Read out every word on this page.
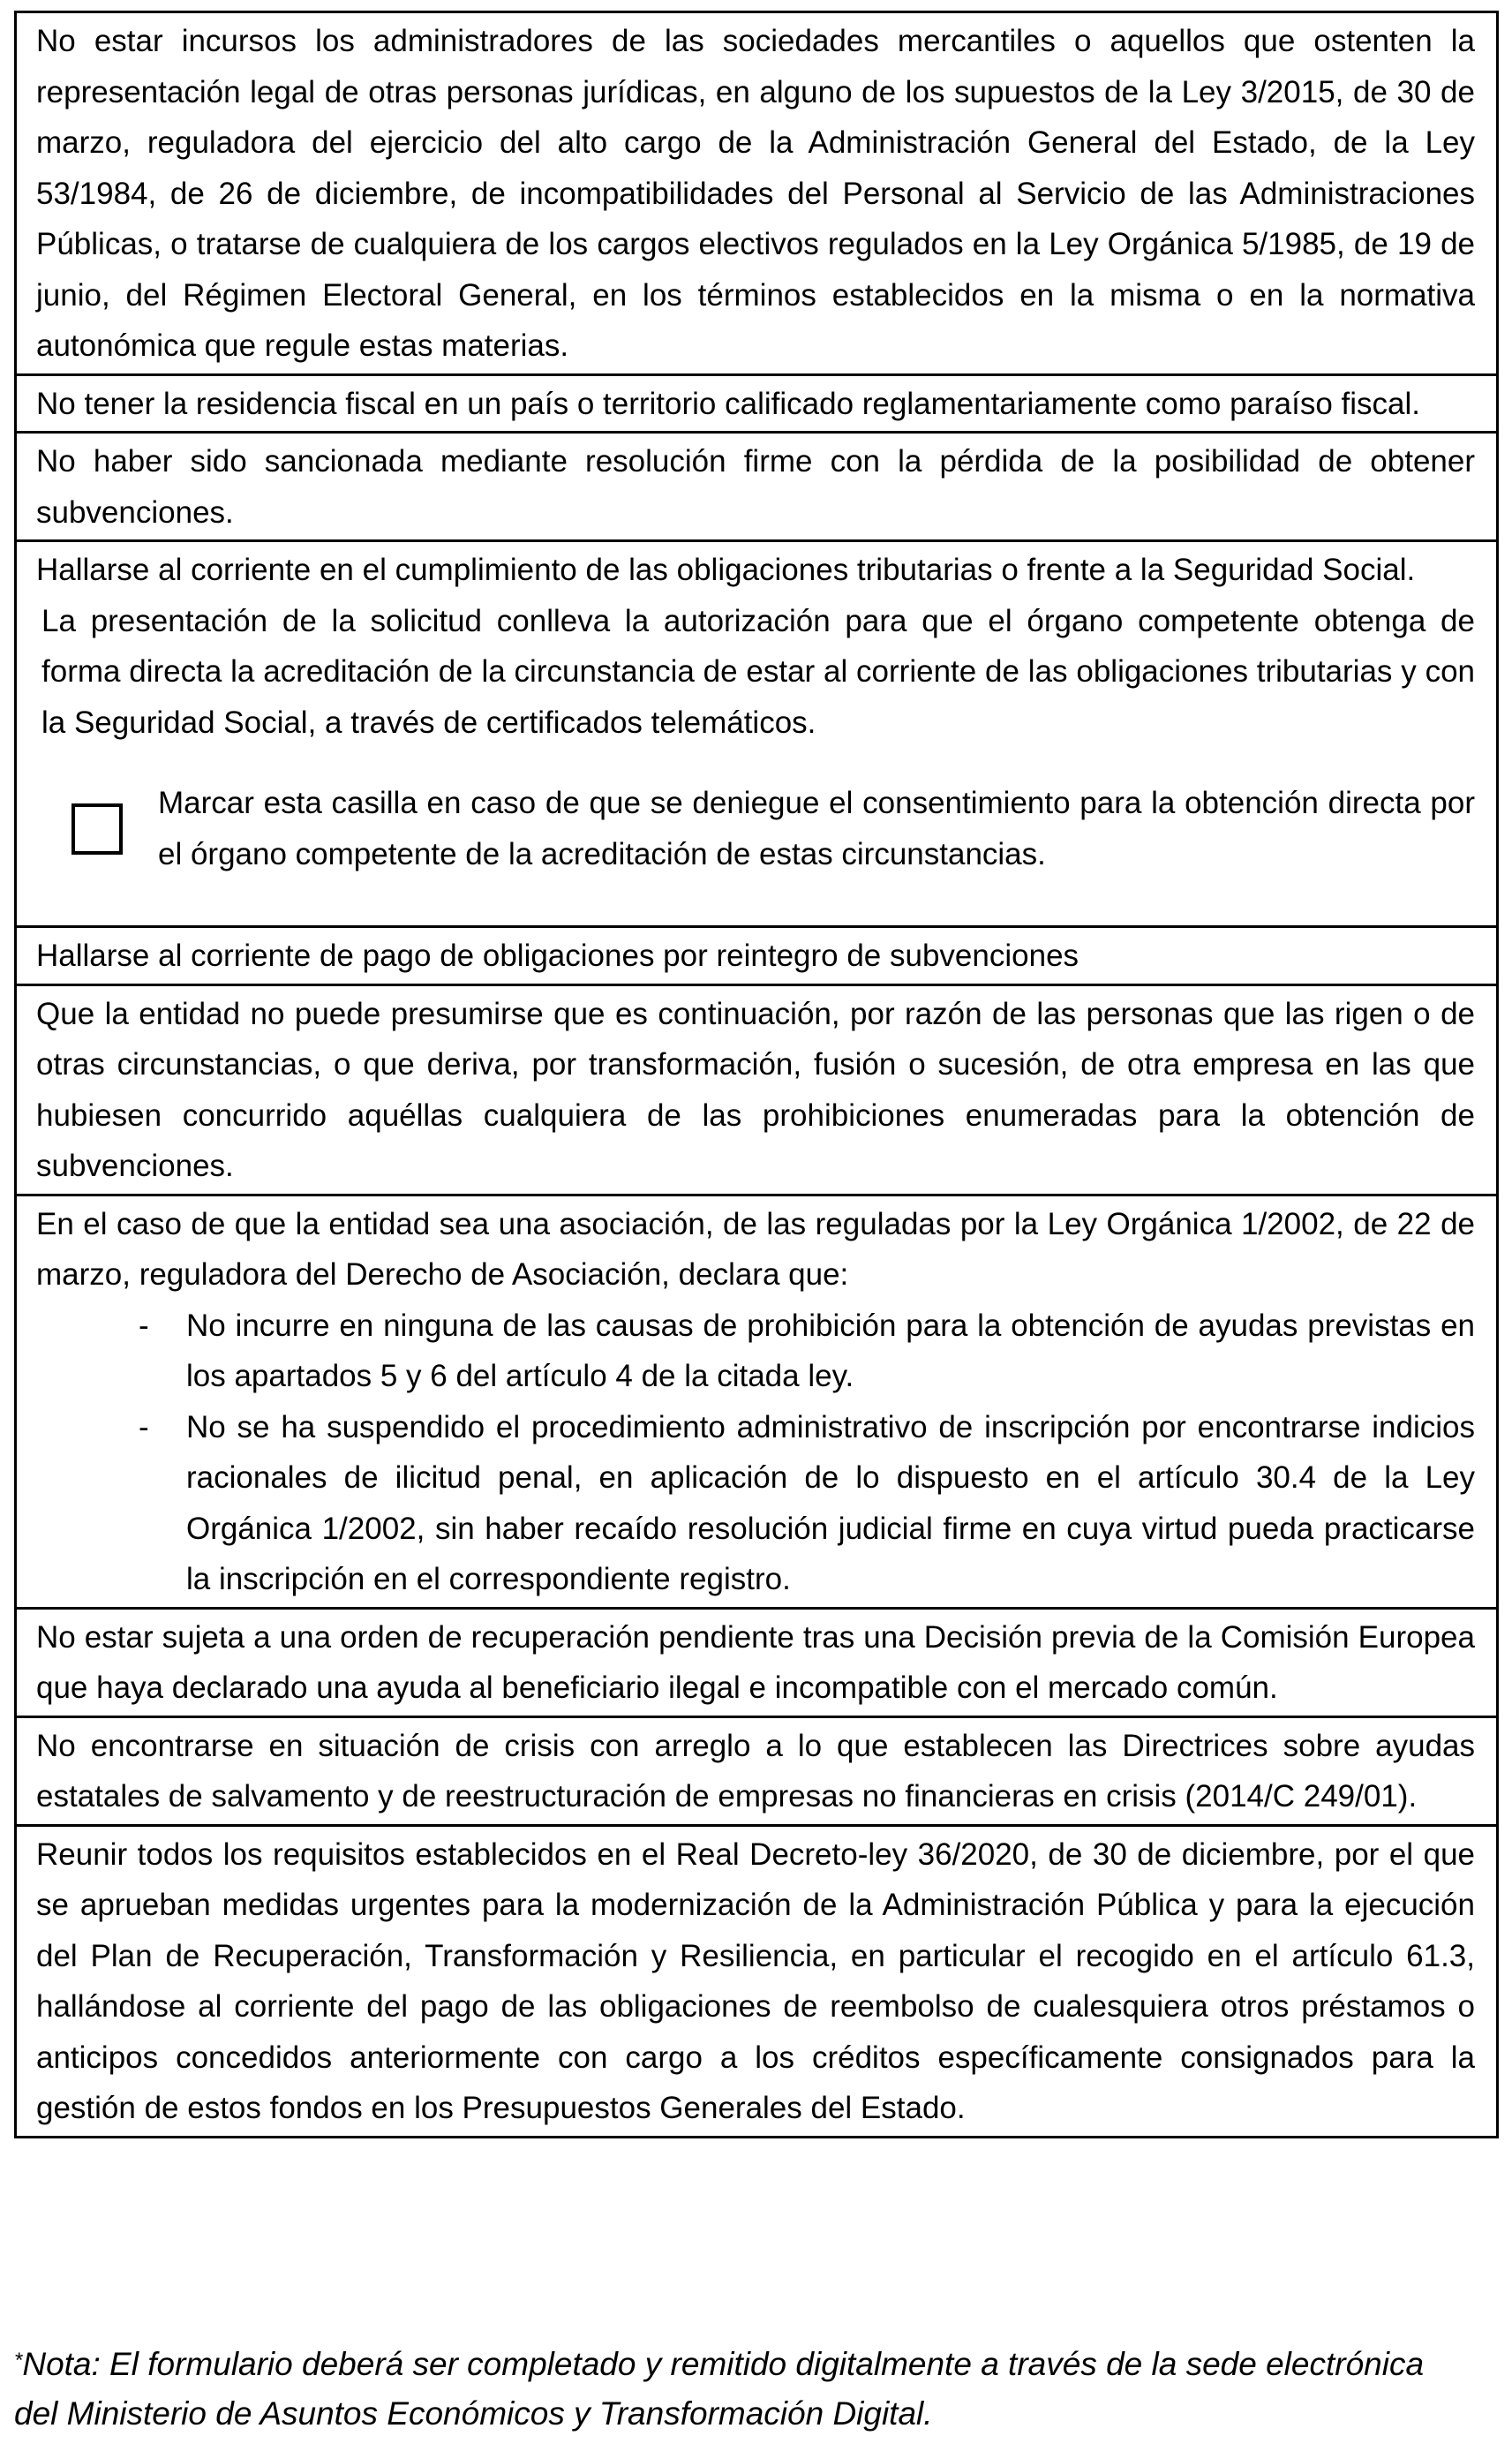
No estar incursos los administradores de las sociedades mercantiles o aquellos que ostenten la representación legal de otras personas jurídicas, en alguno de los supuestos de la Ley 3/2015, de 30 de marzo, reguladora del ejercicio del alto cargo de la Administración General del Estado, de la Ley 53/1984, de 26 de diciembre, de incompatibilidades del Personal al Servicio de las Administraciones Públicas, o tratarse de cualquiera de los cargos electivos regulados en la Ley Orgánica 5/1985, de 19 de junio, del Régimen Electoral General, en los términos establecidos en la misma o en la normativa autonómica que regule estas materias.
No tener la residencia fiscal en un país o territorio calificado reglamentariamente como paraíso fiscal.
No haber sido sancionada mediante resolución firme con la pérdida de la posibilidad de obtener subvenciones.
Hallarse al corriente en el cumplimiento de las obligaciones tributarias o frente a la Seguridad Social.
La presentación de la solicitud conlleva la autorización para que el órgano competente obtenga de forma directa la acreditación de la circunstancia de estar al corriente de las obligaciones tributarias y con la Seguridad Social, a través de certificados telemáticos.
Marcar esta casilla en caso de que se deniegue el consentimiento para la obtención directa por el órgano competente de la acreditación de estas circunstancias.
Hallarse al corriente de pago de obligaciones por reintegro de subvenciones
Que la entidad no puede presumirse que es continuación, por razón de las personas que las rigen o de otras circunstancias, o que deriva, por transformación, fusión o sucesión, de otra empresa en las que hubiesen concurrido aquéllas cualquiera de las prohibiciones enumeradas para la obtención de subvenciones.
En el caso de que la entidad sea una asociación, de las reguladas por la Ley Orgánica 1/2002, de 22 de marzo, reguladora del Derecho de Asociación, declara que:
-	No incurre en ninguna de las causas de prohibición para la obtención de ayudas previstas en los apartados 5 y 6 del artículo 4 de la citada ley.
-	No se ha suspendido el procedimiento administrativo de inscripción por encontrarse indicios racionales de ilicitud penal, en aplicación de lo dispuesto en el artículo 30.4 de la Ley Orgánica 1/2002, sin haber recaído resolución judicial firme en cuya virtud pueda practicarse la inscripción en el correspondiente registro.
No estar sujeta a una orden de recuperación pendiente tras una Decisión previa de la Comisión Europea que haya declarado una ayuda al beneficiario ilegal e incompatible con el mercado común.
No encontrarse en situación de crisis con arreglo a lo que establecen las Directrices sobre ayudas estatales de salvamento y de reestructuración de empresas no financieras en crisis (2014/C 249/01).
Reunir todos los requisitos establecidos en el Real Decreto-ley 36/2020, de 30 de diciembre, por el que se aprueban medidas urgentes para la modernización de la Administración Pública y para la ejecución del Plan de Recuperación, Transformación y Resiliencia, en particular el recogido en el artículo 61.3, hallándose al corriente del pago de las obligaciones de reembolso de cualesquiera otros préstamos o anticipos concedidos anteriormente con cargo a los créditos específicamente consignados para la gestión de estos fondos en los Presupuestos Generales del Estado.
*Nota: El formulario deberá ser completado y remitido digitalmente a través de la sede electrónica del Ministerio de Asuntos Económicos y Transformación Digital.
